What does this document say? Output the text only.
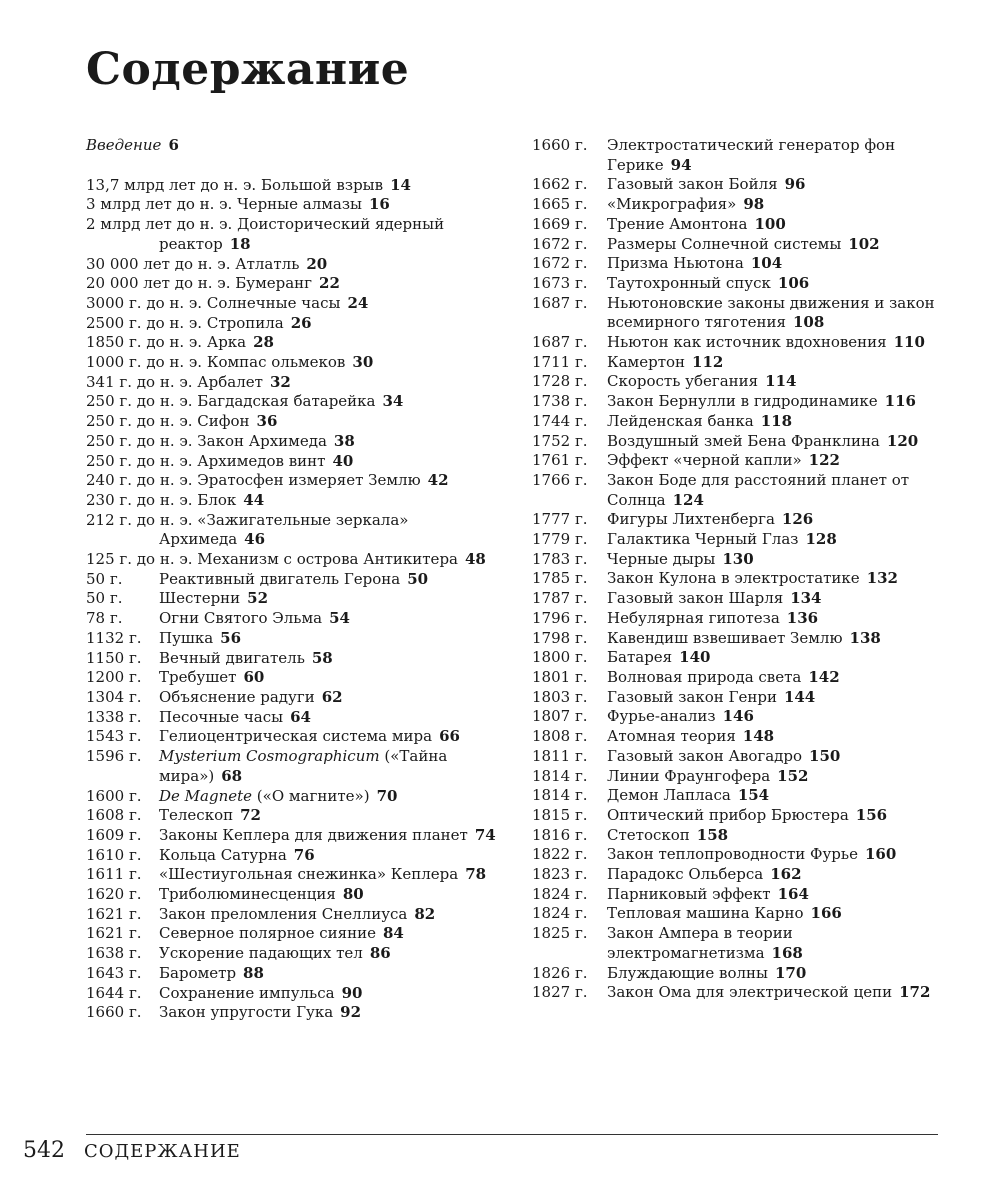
Содержание
Введение 6
13,7 млрд лет до н. э. Большой взрыв 14
3 млрд лет до н. э. Черные алмазы 16
2 млрд лет до н. э. Доисторический ядерный реактор 18
30 000 лет до н. э. Атлатль 20
20 000 лет до н. э. Бумеранг 22
3000 г. до н. э. Солнечные часы 24
2500 г. до н. э. Стропила 26
1850 г. до н. э. Арка 28
1000 г. до н. э. Компас ольмеков 30
341 г. до н. э. Арбалет 32
250 г. до н. э. Багдадская батарейка 34
250 г. до н. э. Сифон 36
250 г. до н. э. Закон Архимеда 38
250 г. до н. э. Архимедов винт 40
240 г. до н. э. Эратосфен измеряет Землю 42
230 г. до н. э. Блок 44
212 г. до н. э. «Зажигательные зеркала» Архимеда 46
125 г. до н. э. Механизм с острова Антикитера 48
50 г.	Реактивный двигатель Герона 50
50 г.	Шестерни 52
78 г.	Огни Святого Эльма 54
1132 г.	Пушка 56
1150 г.	Вечный двигатель 58
1200 г.	Требушет 60
1304 г.	Объяснение радуги 62
1338 г.	Песочные часы 64
1543 г.	Гелиоцентрическая система мира 66
1596 г.	Mysterium Cosmographicum («Тайна мира») 68
1600 г.	De Magnete («О магните») 70
1608 г.	Телескоп 72
1609 г.	Законы Кеплера для движения планет 74
1610 г.	Кольца Сатурна 76
1611 г.	«Шестиугольная снежинка» Кеплера 78
1620 г.	Триболюминесценция 80
1621 г.	Закон преломления Снеллиуса 82
1621 г.	Северное полярное сияние 84
1638 г.	Ускорение падающих тел 86
1643 г.	Барометр 88
1644 г.	Сохранение импульса 90
1660 г.	Закон упругости Гука 92
1660 г.	Электростатический генератор фон Герике 94
1662 г.	Газовый закон Бойля 96
1665 г.	«Микрография» 98
1669 г.	Трение Амонтона 100
1672 г.	Размеры Солнечной системы 102
1672 г.	Призма Ньютона 104
1673 г.	Таутохронный спуск 106
1687 г.	Ньютоновские законы движения и закон всемирного тяготения 108
1687 г.	Ньютон как источник вдохновения 110
1711 г.	Камертон 112
1728 г.	Скорость убегания 114
1738 г.	Закон Бернулли в гидродинамике 116
1744 г.	Лейденская банка 118
1752 г.	Воздушный змей Бена Франклина 120
1761 г.	Эффект «черной капли» 122
1766 г.	Закон Боде для расстояний планет от Солнца 124
1777 г.	Фигуры Лихтенберга 126
1779 г.	Галактика Черный Глаз 128
1783 г.	Черные дыры 130
1785 г.	Закон Кулона в электростатике 132
1787 г.	Газовый закон Шарля 134
1796 г.	Небулярная гипотеза 136
1798 г.	Кавендиш взвешивает Землю 138
1800 г.	Батарея 140
1801 г.	Волновая природа света 142
1803 г.	Газовый закон Генри 144
1807 г.	Фурье-анализ 146
1808 г.	Атомная теория 148
1811 г.	Газовый закон Авогадро 150
1814 г.	Линии Фраунгофера 152
1814 г.	Демон Лапласа 154
1815 г.	Оптический прибор Брюстера 156
1816 г.	Стетоскоп 158
1822 г.	Закон теплопроводности Фурье 160
1823 г.	Парадокс Ольберса 162
1824 г.	Парниковый эффект 164
1824 г.	Тепловая машина Карно 166
1825 г.	Закон Ампера в теории электромагнетизма 168
1826 г.	Блуждающие волны 170
1827 г.	Закон Ома для электрической цепи 172
542 СОДЕРЖАНИЕ
